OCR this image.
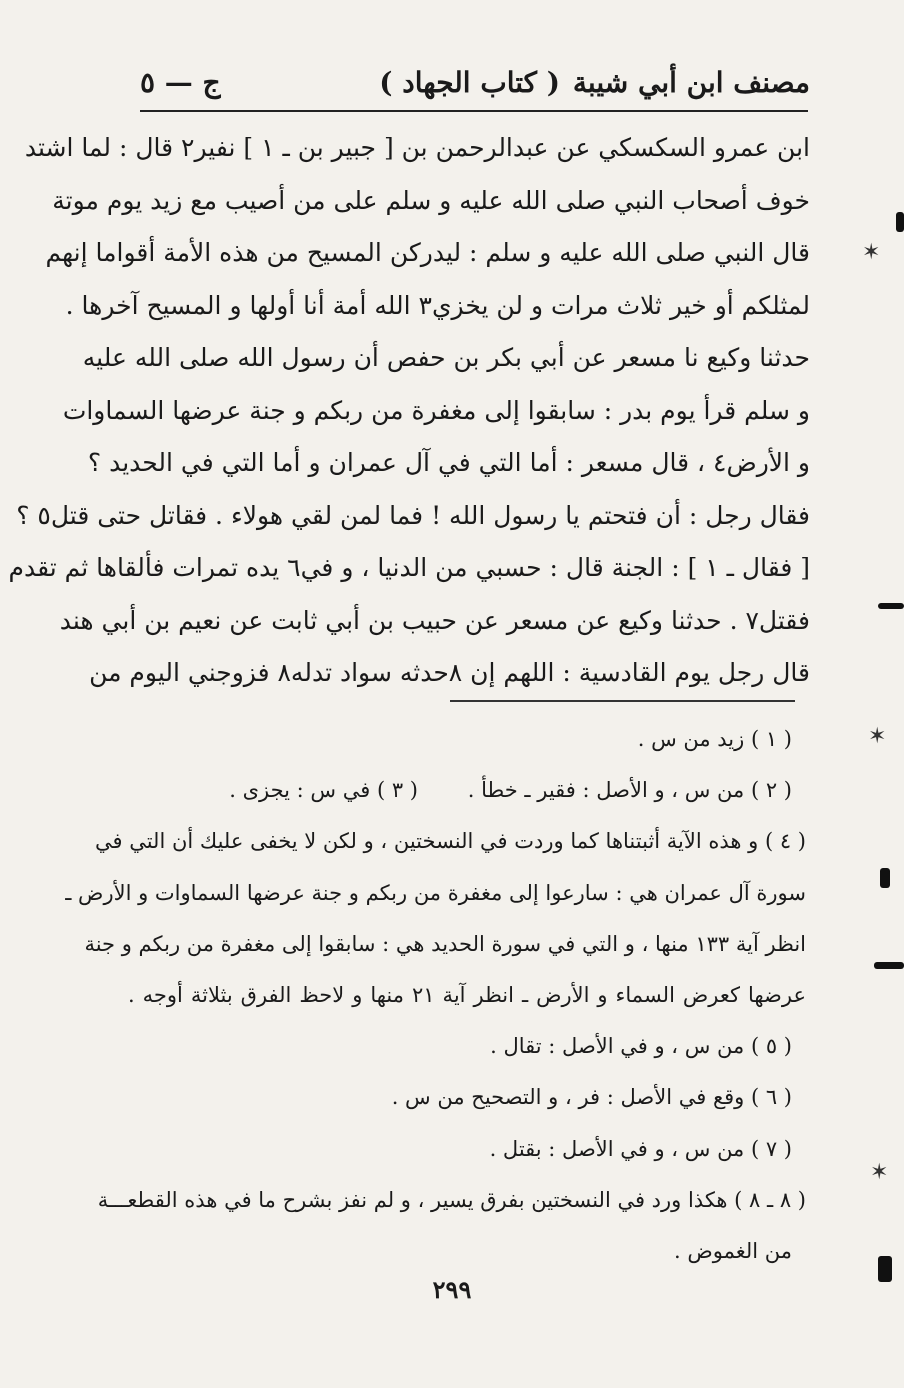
مصنف ابن أبي شيبة
( كتاب الجهاد )
ج — ٥
ابن عمرو السكسكي عن عبدالرحمن بن [ جبير بن ـ ١ ] نفير٢ قال : لما اشتد
خوف أصحاب النبي صلى الله عليه و سلم على من أصيب مع زيد يوم موتة
قال النبي صلى الله عليه و سلم : ليدركن المسيح من هذه الأمة أقواما إنهم
لمثلكم أو خير ثلاث مرات و لن يخزي٣ الله أمة أنا أولها و المسيح آخرها .
حدثنا وكيع نا مسعر عن أبي بكر بن حفص أن رسول الله صلى الله عليه
و سلم قرأ يوم بدر : سابقوا إلى مغفرة من ربكم و جنة عرضها السماوات
و الأرض٤ ، قال مسعر : أما التي في آل عمران و أما التي في الحديد ؟
فقال رجل : أن فتحتم يا رسول الله ! فما لمن لقي هولاء . فقاتل حتى قتل٥ ؟
[ فقال ـ ١ ] : الجنة قال : حسبي من الدنيا ، و في٦ يده تمرات فألقاها ثم تقدم
فقتل٧ . حدثنا وكيع عن مسعر عن حبيب بن أبي ثابت عن نعيم بن أبي هند
قال رجل يوم القادسية : اللهم إن ٨حدثه سواد تدله٨ فزوجني اليوم من
( ١ ) زيد من س .
( ٢ ) من س ، و الأصل : فقير ـ خطأ .
( ٣ ) في س : يجزى .
( ٤ ) و هذه الآية أثبتناها كما وردت في النسختين ، و لكن لا يخفى عليك أن التي في
سورة آل عمران هي : سارعوا إلى مغفرة من ربكم و جنة عرضها السماوات و الأرض ـ
انظر آية ١٣٣ منها ، و التي في سورة الحديد هي : سابقوا إلى مغفرة من ربكم و جنة
عرضها كعرض السماء و الأرض ـ انظر آية ٢١ منها و لاحظ الفرق بثلاثة أوجه .
( ٥ ) من س ، و في الأصل : تقال .
( ٦ ) وقع في الأصل : فر ، و التصحيح من س .
( ٧ ) من س ، و في الأصل : بقتل .
( ٨ ـ ٨ ) هكذا ورد في النسختين بفرق يسير ، و لم نفز بشرح ما في هذه القطعـــة
من الغموض .
٢٩٩
✶
✶
✶
